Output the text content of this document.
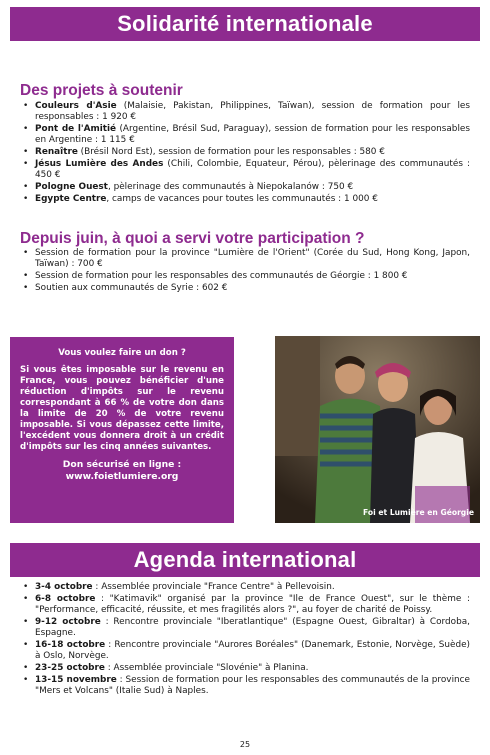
Solidarité internationale
Des projets à soutenir
• Couleurs d'Asie (Malaisie, Pakistan, Philippines, Taïwan), session de formation pour les responsables : 1 920 €
• Pont de l'Amitié (Argentine, Brésil Sud, Paraguay), session de formation pour les responsables en Argentine : 1 115 €
• Renaître (Brésil Nord Est), session de formation pour les responsables : 580 €
• Jésus Lumière des Andes (Chili, Colombie, Equateur, Pérou), pèlerinage des communautés : 450 €
• Pologne Ouest, pèlerinage des communautés à Niepokalanów : 750 €
• Egypte Centre, camps de vacances pour toutes les communautés : 1 000 €
Depuis juin, à quoi a servi votre participation ?
• Session de formation pour la province "Lumière de l'Orient" (Corée du Sud, Hong Kong, Japon, Taïwan) : 700 €
• Session de formation pour les responsables des communautés de Géorgie : 1 800 €
• Soutien aux communautés de Syrie : 602 €
Vous voulez faire un don ?
Si vous êtes imposable sur le revenu en France, vous pouvez bénéficier d'une réduction d'impôts sur le revenu correspondant à 66 % de votre don dans la limite de 20 % de votre revenu imposable. Si vous dépassez cette limite, l'excédent vous donnera droit à un crédit d'impôts sur les cinq années suivantes.
Don sécurisé en ligne :
www.foietlumiere.org
Foi et Lumière en Géorgie
Agenda international
• 3-4 octobre : Assemblée provinciale "France Centre" à Pellevoisin.
• 6-8 octobre : "Katimavik" organisé par la province "Ile de France Ouest", sur le thème : "Performance, efficacité, réussite, et mes fragilités alors ?", au foyer de charité de Poissy.
• 9-12 octobre : Rencontre provinciale "Iberatlantique" (Espagne Ouest, Gibraltar) à Cordoba, Espagne.
• 16-18 octobre : Rencontre provinciale "Aurores Boréales" (Danemark, Estonie, Norvège, Suède) à Oslo, Norvège.
• 23-25 octobre : Assemblée provinciale "Slovénie" à Planina.
• 13-15 novembre : Session de formation pour les responsables des communautés de la province "Mers et Volcans" (Italie Sud) à Naples.
25
